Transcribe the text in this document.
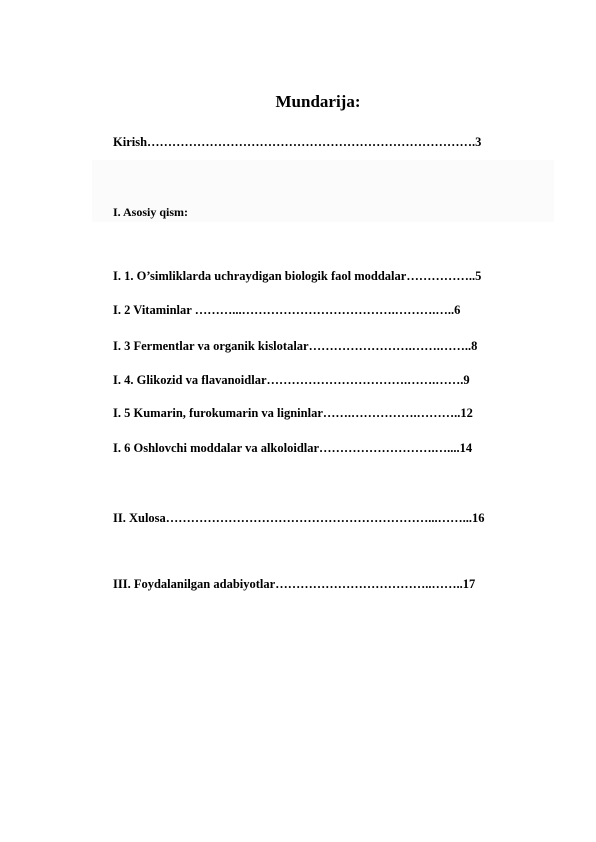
Mundarija:
Kirish…………………………………………………………………….3
I. Asosiy qism:
I. 1. O’simliklarda uchraydigan biologik faol moddalar……………..5
I. 2 Vitaminlar ………...……………………………….……….…..6
I. 3 Fermentlar va organik kislotalar…………………….…….……..8
I. 4. Glikozid va flavanoidlar…………………………….…….…….9
I. 5 Kumarin, furokumarin va ligninlar…….…………….………..12
I. 6 Oshlovchi moddalar va alkoloidlar……………………….…....14
II. Xulosa………………………………………………………...……...16
III. Foydalanilgan adabiyotlar………………………………..……..17
